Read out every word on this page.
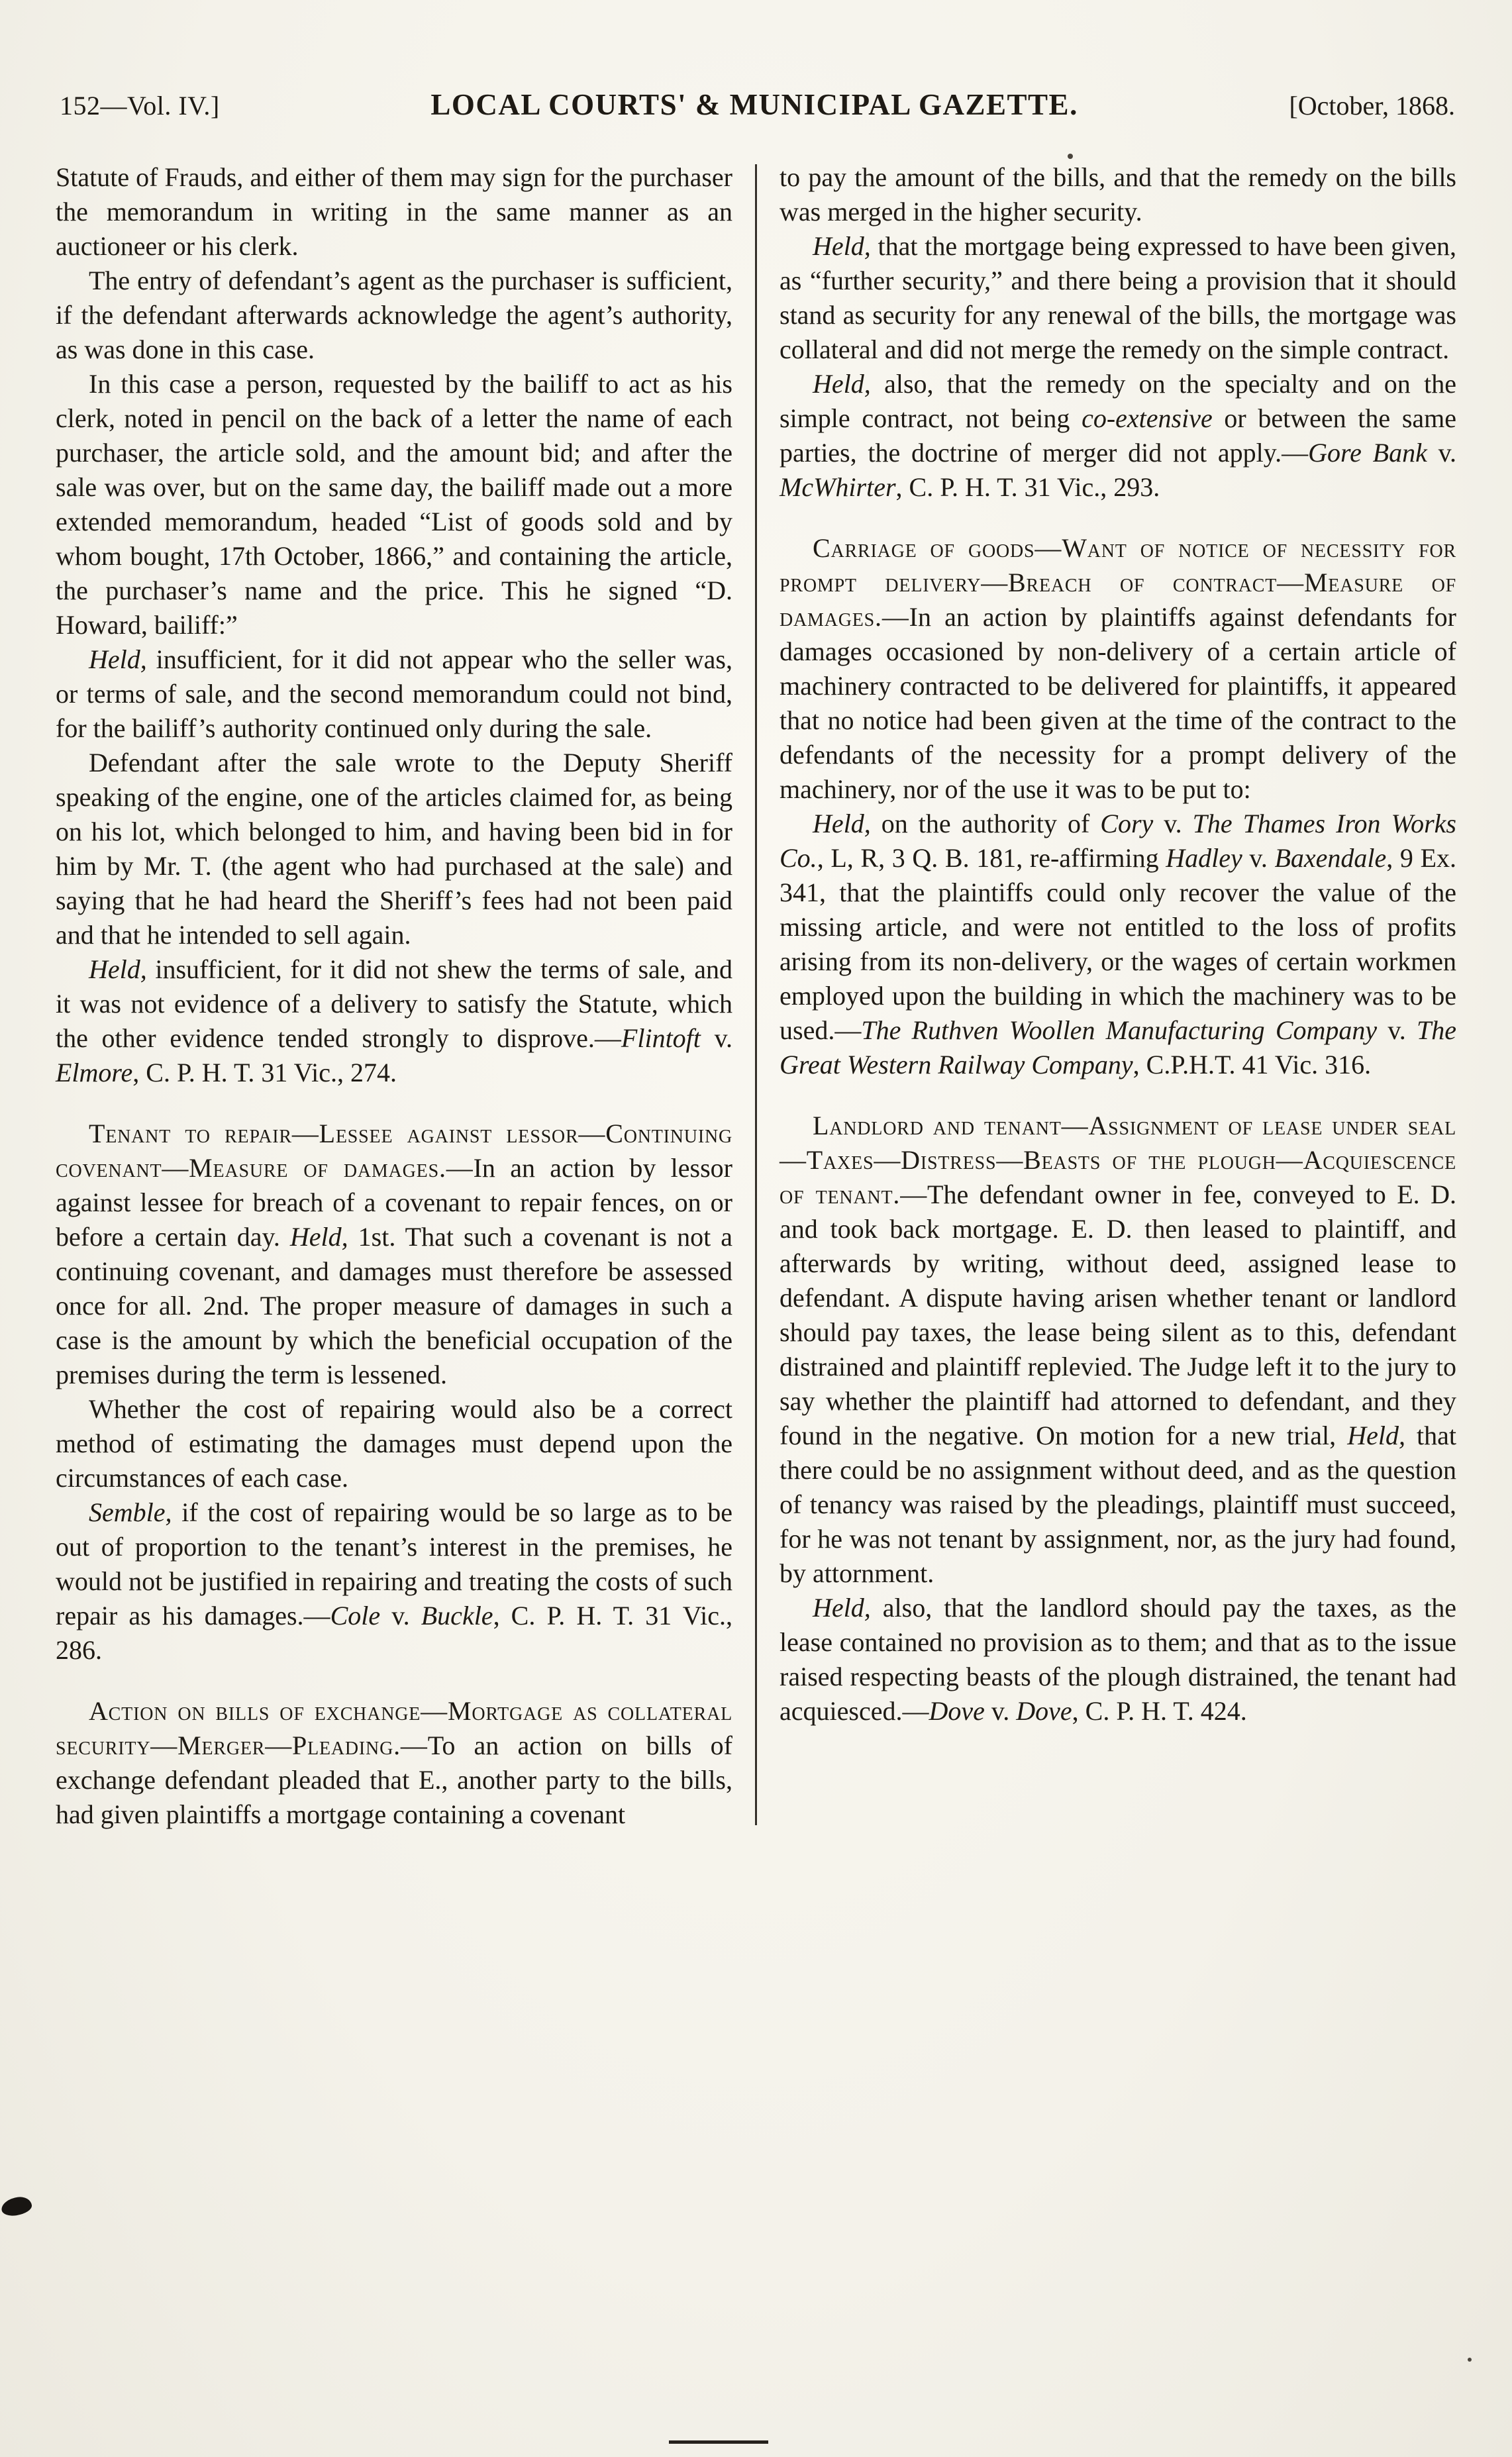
152—Vol. IV.]	LOCAL COURTS' & MUNICIPAL GAZETTE.	[October, 1868.

Statute of Frauds, and either of them may sign for the purchaser the memorandum in writing in the same manner as an auctioneer or his clerk.

The entry of defendant’s agent as the purchaser is sufficient, if the defendant afterwards acknowledge the agent’s authority, as was done in this case.

In this case a person, requested by the bailiff to act as his clerk, noted in pencil on the back of a letter the name of each purchaser, the article sold, and the amount bid; and after the sale was over, but on the same day, the bailiff made out a more extended memorandum, headed “List of goods sold and by whom bought, 17th October, 1866,” and containing the article, the purchaser’s name and the price. This he signed “D. Howard, bailiff:”

Held, insufficient, for it did not appear who the seller was, or terms of sale, and the second memorandum could not bind, for the bailiff’s authority continued only during the sale.

Defendant after the sale wrote to the Deputy Sheriff speaking of the engine, one of the articles claimed for, as being on his lot, which belonged to him, and having been bid in for him by Mr. T. (the agent who had purchased at the sale) and saying that he had heard the Sheriff’s fees had not been paid and that he intended to sell again.

Held, insufficient, for it did not shew the terms of sale, and it was not evidence of a delivery to satisfy the Statute, which the other evidence tended strongly to disprove.—Flintoft v. Elmore, C. P. H. T. 31 Vic., 274.

Tenant to repair—Lessee against lessor—Continuing covenant—Measure of damages.—In an action by lessor against lessee for breach of a covenant to repair fences, on or before a certain day. Held, 1st. That such a covenant is not a continuing covenant, and damages must therefore be assessed once for all. 2nd. The proper measure of damages in such a case is the amount by which the beneficial occupation of the premises during the term is lessened.

Whether the cost of repairing would also be a correct method of estimating the damages must depend upon the circumstances of each case.

Semble, if the cost of repairing would be so large as to be out of proportion to the tenant’s interest in the premises, he would not be justified in repairing and treating the costs of such repair as his damages.—Cole v. Buckle, C. P. H. T. 31 Vic., 286.

Action on bills of exchange—Mortgage as collateral security—Merger—Pleading.—To an action on bills of exchange defendant pleaded that E., another party to the bills, had given plaintiffs a mortgage containing a covenant

to pay the amount of the bills, and that the remedy on the bills was merged in the higher security.

Held, that the mortgage being expressed to have been given, as “further security,” and there being a provision that it should stand as security for any renewal of the bills, the mortgage was collateral and did not merge the remedy on the simple contract.

Held, also, that the remedy on the specialty and on the simple contract, not being co-extensive or between the same parties, the doctrine of merger did not apply.—Gore Bank v. McWhirter, C. P. H. T. 31 Vic., 293.

Carriage of goods—Want of notice of necessity for prompt delivery—Breach of contract—Measure of damages.—In an action by plaintiffs against defendants for damages occasioned by non-delivery of a certain article of machinery contracted to be delivered for plaintiffs, it appeared that no notice had been given at the time of the contract to the defendants of the necessity for a prompt delivery of the machinery, nor of the use it was to be put to:

Held, on the authority of Cory v. The Thames Iron Works Co., L, R, 3 Q. B. 181, re-affirming Hadley v. Baxendale, 9 Ex. 341, that the plaintiffs could only recover the value of the missing article, and were not entitled to the loss of profits arising from its non-delivery, or the wages of certain workmen employed upon the building in which the machinery was to be used.—The Ruthven Woollen Manufacturing Company v. The Great Western Railway Company, C.P.H.T. 41 Vic. 316.

Landlord and tenant—Assignment of lease under seal—Taxes—Distress—Beasts of the plough—Acquiescence of tenant.—The defendant owner in fee, conveyed to E. D. and took back mortgage. E. D. then leased to plaintiff, and afterwards by writing, without deed, assigned lease to defendant. A dispute having arisen whether tenant or landlord should pay taxes, the lease being silent as to this, defendant distrained and plaintiff replevied. The Judge left it to the jury to say whether the plaintiff had attorned to defendant, and they found in the negative. On motion for a new trial, Held, that there could be no assignment without deed, and as the question of tenancy was raised by the pleadings, plaintiff must succeed, for he was not tenant by assignment, nor, as the jury had found, by attornment.

Held, also, that the landlord should pay the taxes, as the lease contained no provision as to them; and that as to the issue raised respecting beasts of the plough distrained, the tenant had acquiesced.—Dove v. Dove, C. P. H. T. 424.
